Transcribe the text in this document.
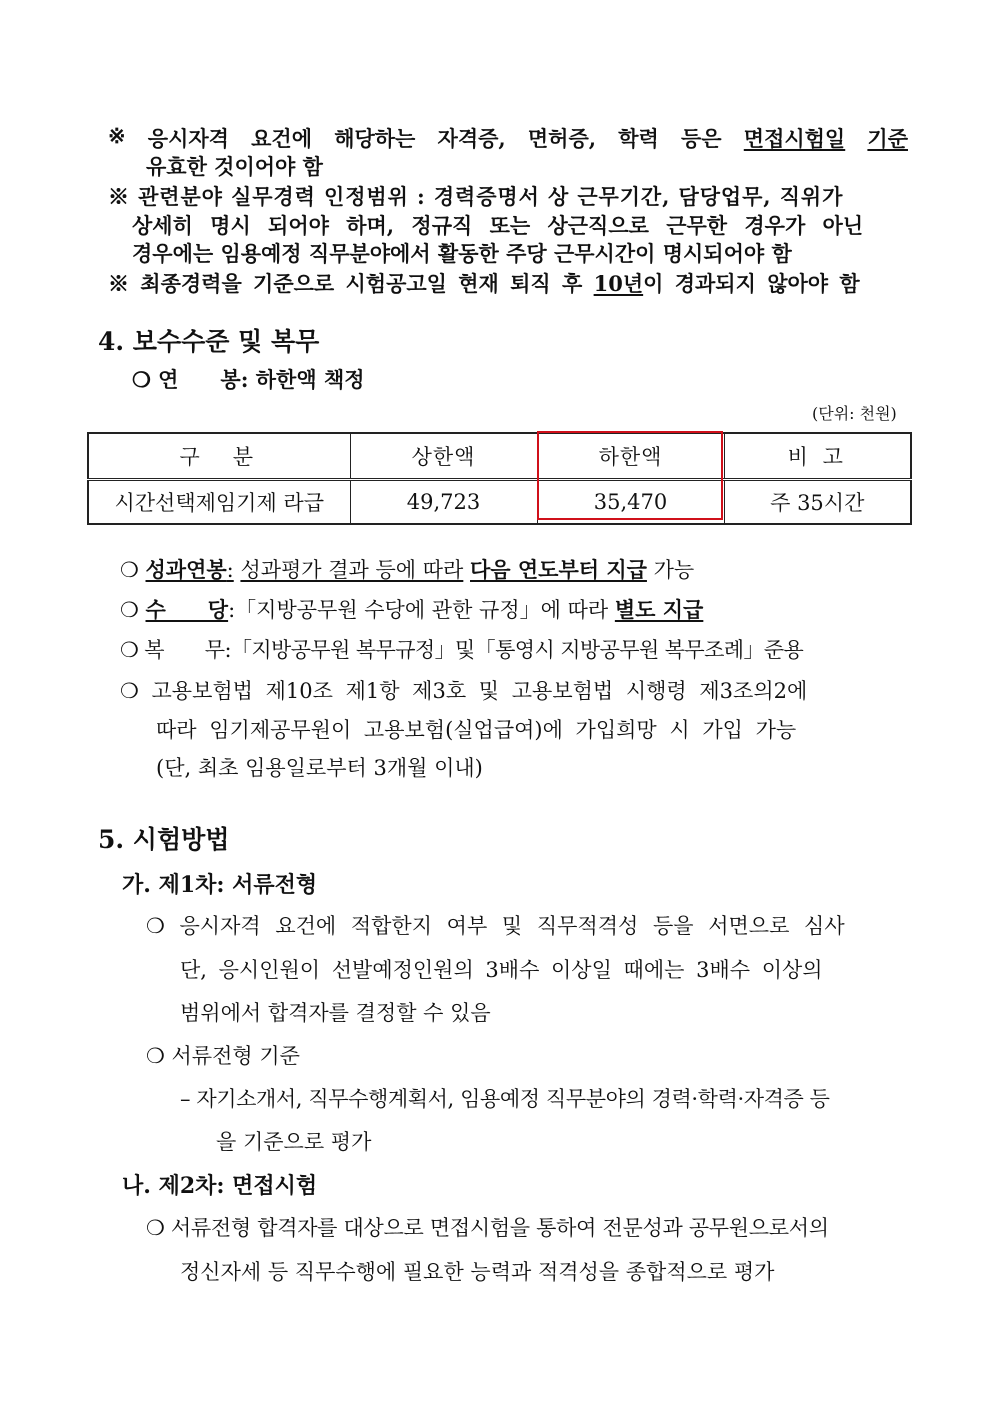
※ 응시자격 요건에 해당하는 자격증, 면허증, 학력 등은 면접시험일 기준
유효한 것이어야 함
※ 관련분야 실무경력 인정범위 : 경력증명서 상 근무기간, 담당업무, 직위가
상세히 명시 되어야 하며, 정규직 또는 상근직으로 근무한 경우가 아닌
경우에는 임용예정 직무분야에서 활동한 주당 근무시간이 명시되어야 함
※ 최종경력을 기준으로 시험공고일 현재 퇴직 후 10년이 경과되지 않아야 함
4. 보수수준 및 복무
❍ 연　　봉: 하한액 책정
(단위: 천원)
구　분	상한액	하한액	비 고
시간선택제임기제 라급	49,723	35,470	주 35시간
❍ 성과연봉: 성과평가 결과 등에 따라 다음 연도부터 지급 가능
❍ 수　　당:「지방공무원 수당에 관한 규정」에 따라 별도 지급
❍ 복　　무:「지방공무원 복무규정」및「통영시 지방공무원 복무조례」준용
❍ 고용보험법 제10조 제1항 제3호 및 고용보험법 시행령 제3조의2에
따라 임기제공무원이 고용보험(실업급여)에 가입희망 시 가입 가능
(단, 최초 임용일로부터 3개월 이내)
5. 시험방법
가. 제1차: 서류전형
❍ 응시자격 요건에 적합한지 여부 및 직무적격성 등을 서면으로 심사
단, 응시인원이 선발예정인원의 3배수 이상일 때에는 3배수 이상의
범위에서 합격자를 결정할 수 있음
❍ 서류전형 기준
– 자기소개서, 직무수행계획서, 임용예정 직무분야의 경력·학력·자격증 등
을 기준으로 평가
나. 제2차: 면접시험
❍ 서류전형 합격자를 대상으로 면접시험을 통하여 전문성과 공무원으로서의
정신자세 등 직무수행에 필요한 능력과 적격성을 종합적으로 평가
